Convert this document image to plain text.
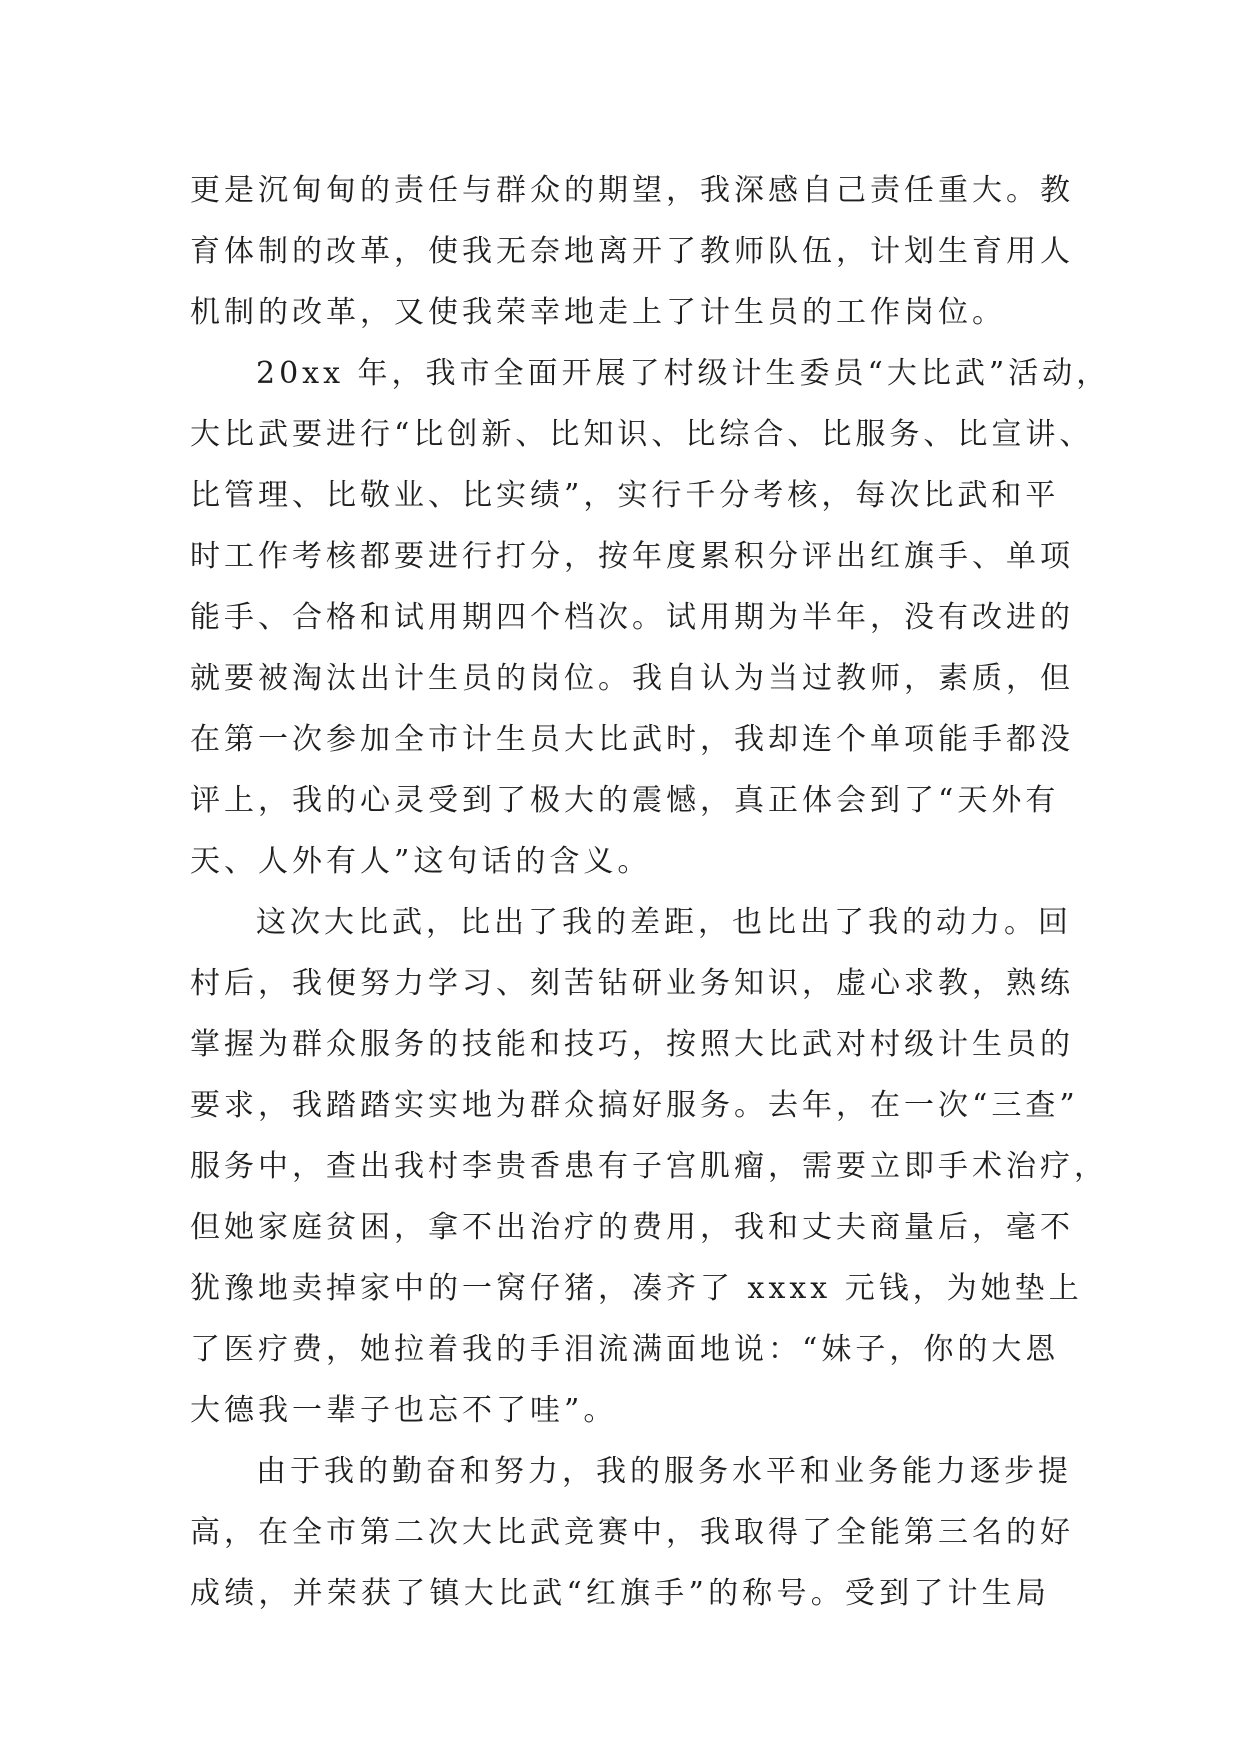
更是沉甸甸的责任与群众的期望，我深感自己责任重大。教
育体制的改革，使我无奈地离开了教师队伍，计划生育用人
机制的改革，又使我荣幸地走上了计生员的工作岗位。
20xx 年，我市全面开展了村级计生委员“大比武”活动，
大比武要进行“比创新、比知识、比综合、比服务、比宣讲、
比管理、比敬业、比实绩”，实行千分考核，每次比武和平
时工作考核都要进行打分，按年度累积分评出红旗手、单项
能手、合格和试用期四个档次。试用期为半年，没有改进的
就要被淘汰出计生员的岗位。我自认为当过教师，素质，但
在第一次参加全市计生员大比武时，我却连个单项能手都没
评上，我的心灵受到了极大的震憾，真正体会到了“天外有
天、人外有人”这句话的含义。
这次大比武，比出了我的差距，也比出了我的动力。回
村后，我便努力学习、刻苦钻研业务知识，虚心求教，熟练
掌握为群众服务的技能和技巧，按照大比武对村级计生员的
要求，我踏踏实实地为群众搞好服务。去年，在一次“三查”
服务中，查出我村李贵香患有子宫肌瘤，需要立即手术治疗，
但她家庭贫困，拿不出治疗的费用，我和丈夫商量后，毫不
犹豫地卖掉家中的一窝仔猪，凑齐了 xxxx 元钱，为她垫上
了医疗费，她拉着我的手泪流满面地说：“妹子，你的大恩
大德我一辈子也忘不了哇”。
由于我的勤奋和努力，我的服务水平和业务能力逐步提
高，在全市第二次大比武竞赛中，我取得了全能第三名的好
成绩，并荣获了镇大比武“红旗手”的称号。受到了计生局
